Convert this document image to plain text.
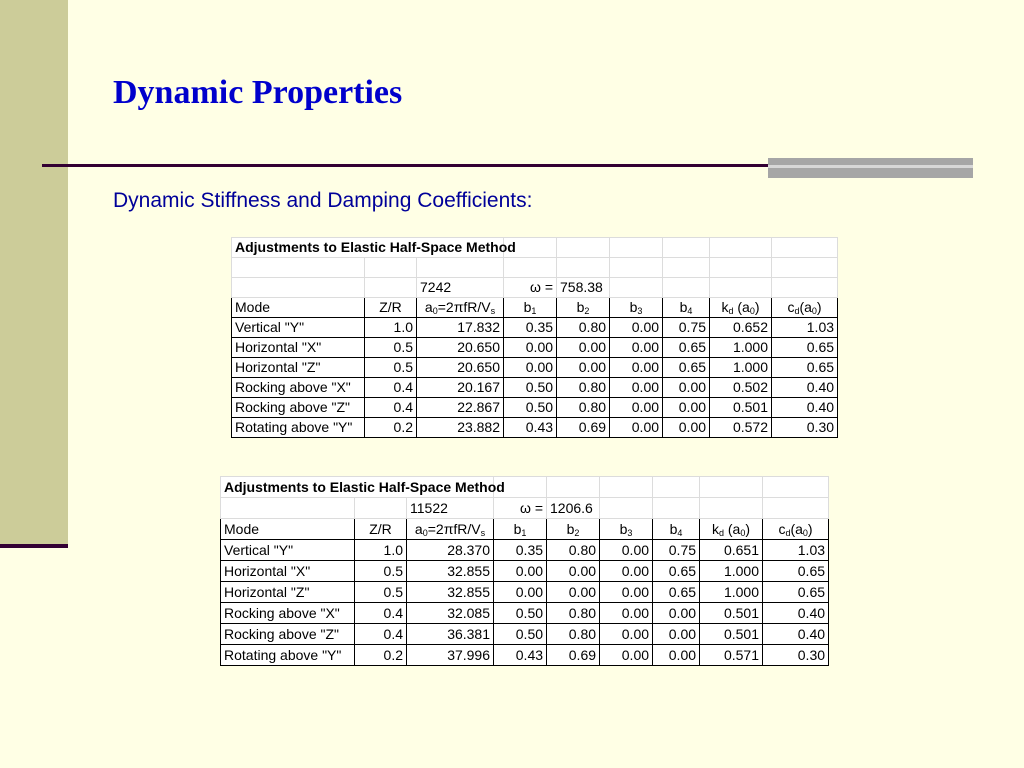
Dynamic Properties

Dynamic Stiffness and Damping Coefficients:

Adjustments to Elastic Half-Space Method								

		7242	ω =	758.38				
Mode	Z/R	$a_0=2\pi fR/V_s$	$b_1$	$b_2$	$b_3$	$b_4$	$k_d$ $(a_0)$	$c_d(a_0)$
Vertical "Y"	1.0	17.832	0.35	0.80	0.00	0.75	0.652	1.03
Horizontal "X"	0.5	20.650	0.00	0.00	0.00	0.65	1.000	0.65
Horizontal "Z"	0.5	20.650	0.00	0.00	0.00	0.65	1.000	0.65
Rocking above "X"	0.4	20.167	0.50	0.80	0.00	0.00	0.502	0.40
Rocking above "Z"	0.4	22.867	0.50	0.80	0.00	0.00	0.501	0.40
Rotating above "Y"	0.2	23.882	0.43	0.69	0.00	0.00	0.572	0.30
Adjustments to Elastic Half-Space Method								
		11522	ω =	1206.6				
Mode	Z/R	$a_0=2\pi fR/V_s$	$b_1$	$b_2$	$b_3$	$b_4$	$k_d$ $(a_0)$	$c_d(a_0)$
Vertical "Y"	1.0	28.370	0.35	0.80	0.00	0.75	0.651	1.03
Horizontal "X"	0.5	32.855	0.00	0.00	0.00	0.65	1.000	0.65
Horizontal "Z"	0.5	32.855	0.00	0.00	0.00	0.65	1.000	0.65
Rocking above "X"	0.4	32.085	0.50	0.80	0.00	0.00	0.501	0.40
Rocking above "Z"	0.4	36.381	0.50	0.80	0.00	0.00	0.501	0.40
Rotating above "Y"	0.2	37.996	0.43	0.69	0.00	0.00	0.571	0.30
